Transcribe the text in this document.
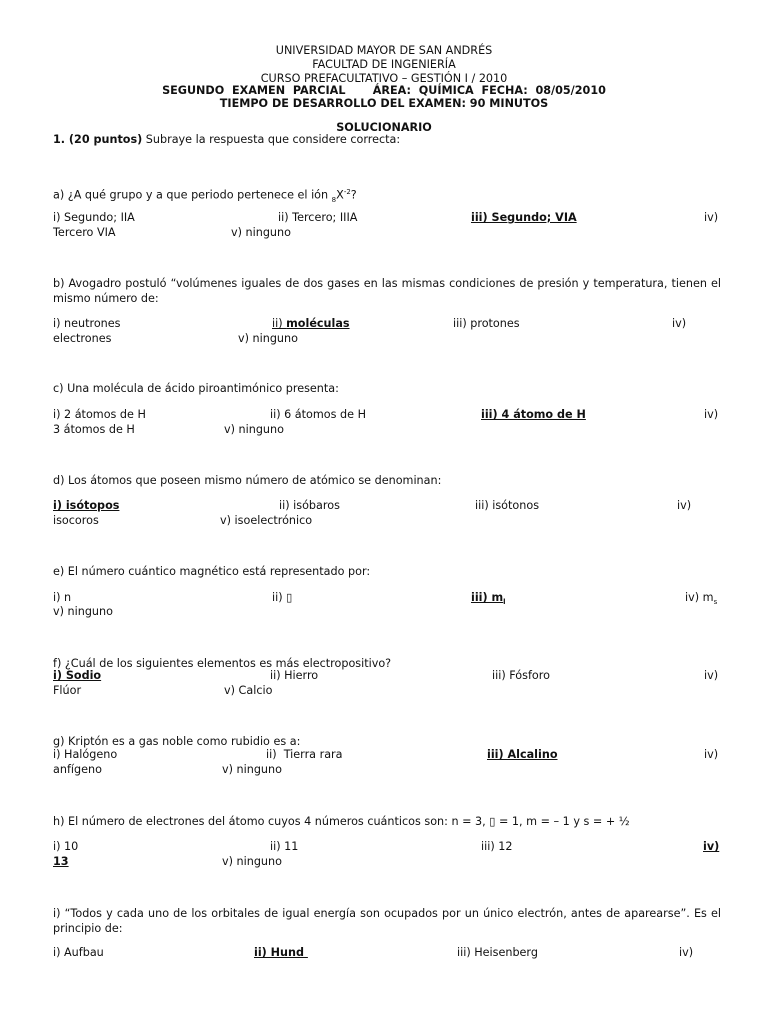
UNIVERSIDAD MAYOR DE SAN ANDRÉS
FACULTAD DE INGENIERÍA
CURSO PREFACULTATIVO – GESTIÓN I / 2010
SEGUNDO  EXAMEN  PARCIAL       ÁREA:  QUÍMICA  FECHA:  08/05/2010
TIEMPO DE DESARROLLO DEL EXAMEN: 90 MINUTOS
SOLUCIONARIO
1. (20 puntos) Subraye la respuesta que considere correcta:
a) ¿A qué grupo y a que periodo pertenece el ión $_8X^{-2}$?
i) Segundo; IIA	ii) Tercero; IIIA	iii) Segundo; VIA	iv)
Tercero VIA	v) ninguno
b) Avogadro postuló “volúmenes iguales de dos gases en las mismas condiciones de presión y temperatura, tienen el mismo número de:
i) neutrones	ii) moléculas	iii) protones	iv)
electrones	v) ninguno
c) Una molécula de ácido piroantimónico presenta:
i) 2 átomos de H	ii) 6 átomos de H	iii) 4 átomo de H	iv)
3 átomos de H	v) ninguno
d) Los átomos que poseen mismo número de atómico se denominan:
i) isótopos	ii) isóbaros	iii) isótonos	iv)
isocoros	v) isoelectrónico
e) El número cuántico magnético está representado por:
i) n	ii) ▯	iii) $m_l$	iv) $m_s$
v) ninguno
f) ¿Cuál de los siguientes elementos es más electropositivo?
i) Sodio	ii) Hierro	iii) Fósforo	iv)
Flúor	v) Calcio
g) Kriptón es a gas noble como rubidio es a:
i) Halógeno	ii)  Tierra rara	iii) Alcalino	iv)
anfígeno	v) ninguno
h) El número de electrones del átomo cuyos 4 números cuánticos son: n = 3, ▯ = 1, m = – 1 y s = + ½
i) 10	ii) 11	iii) 12	iv)
13	v) ninguno
i) “Todos y cada uno de los orbitales de igual energía son ocupados por un único electrón, antes de aparearse”. Es el principio de:
i) Aufbau	ii) Hund	iii) Heisenberg	iv)
